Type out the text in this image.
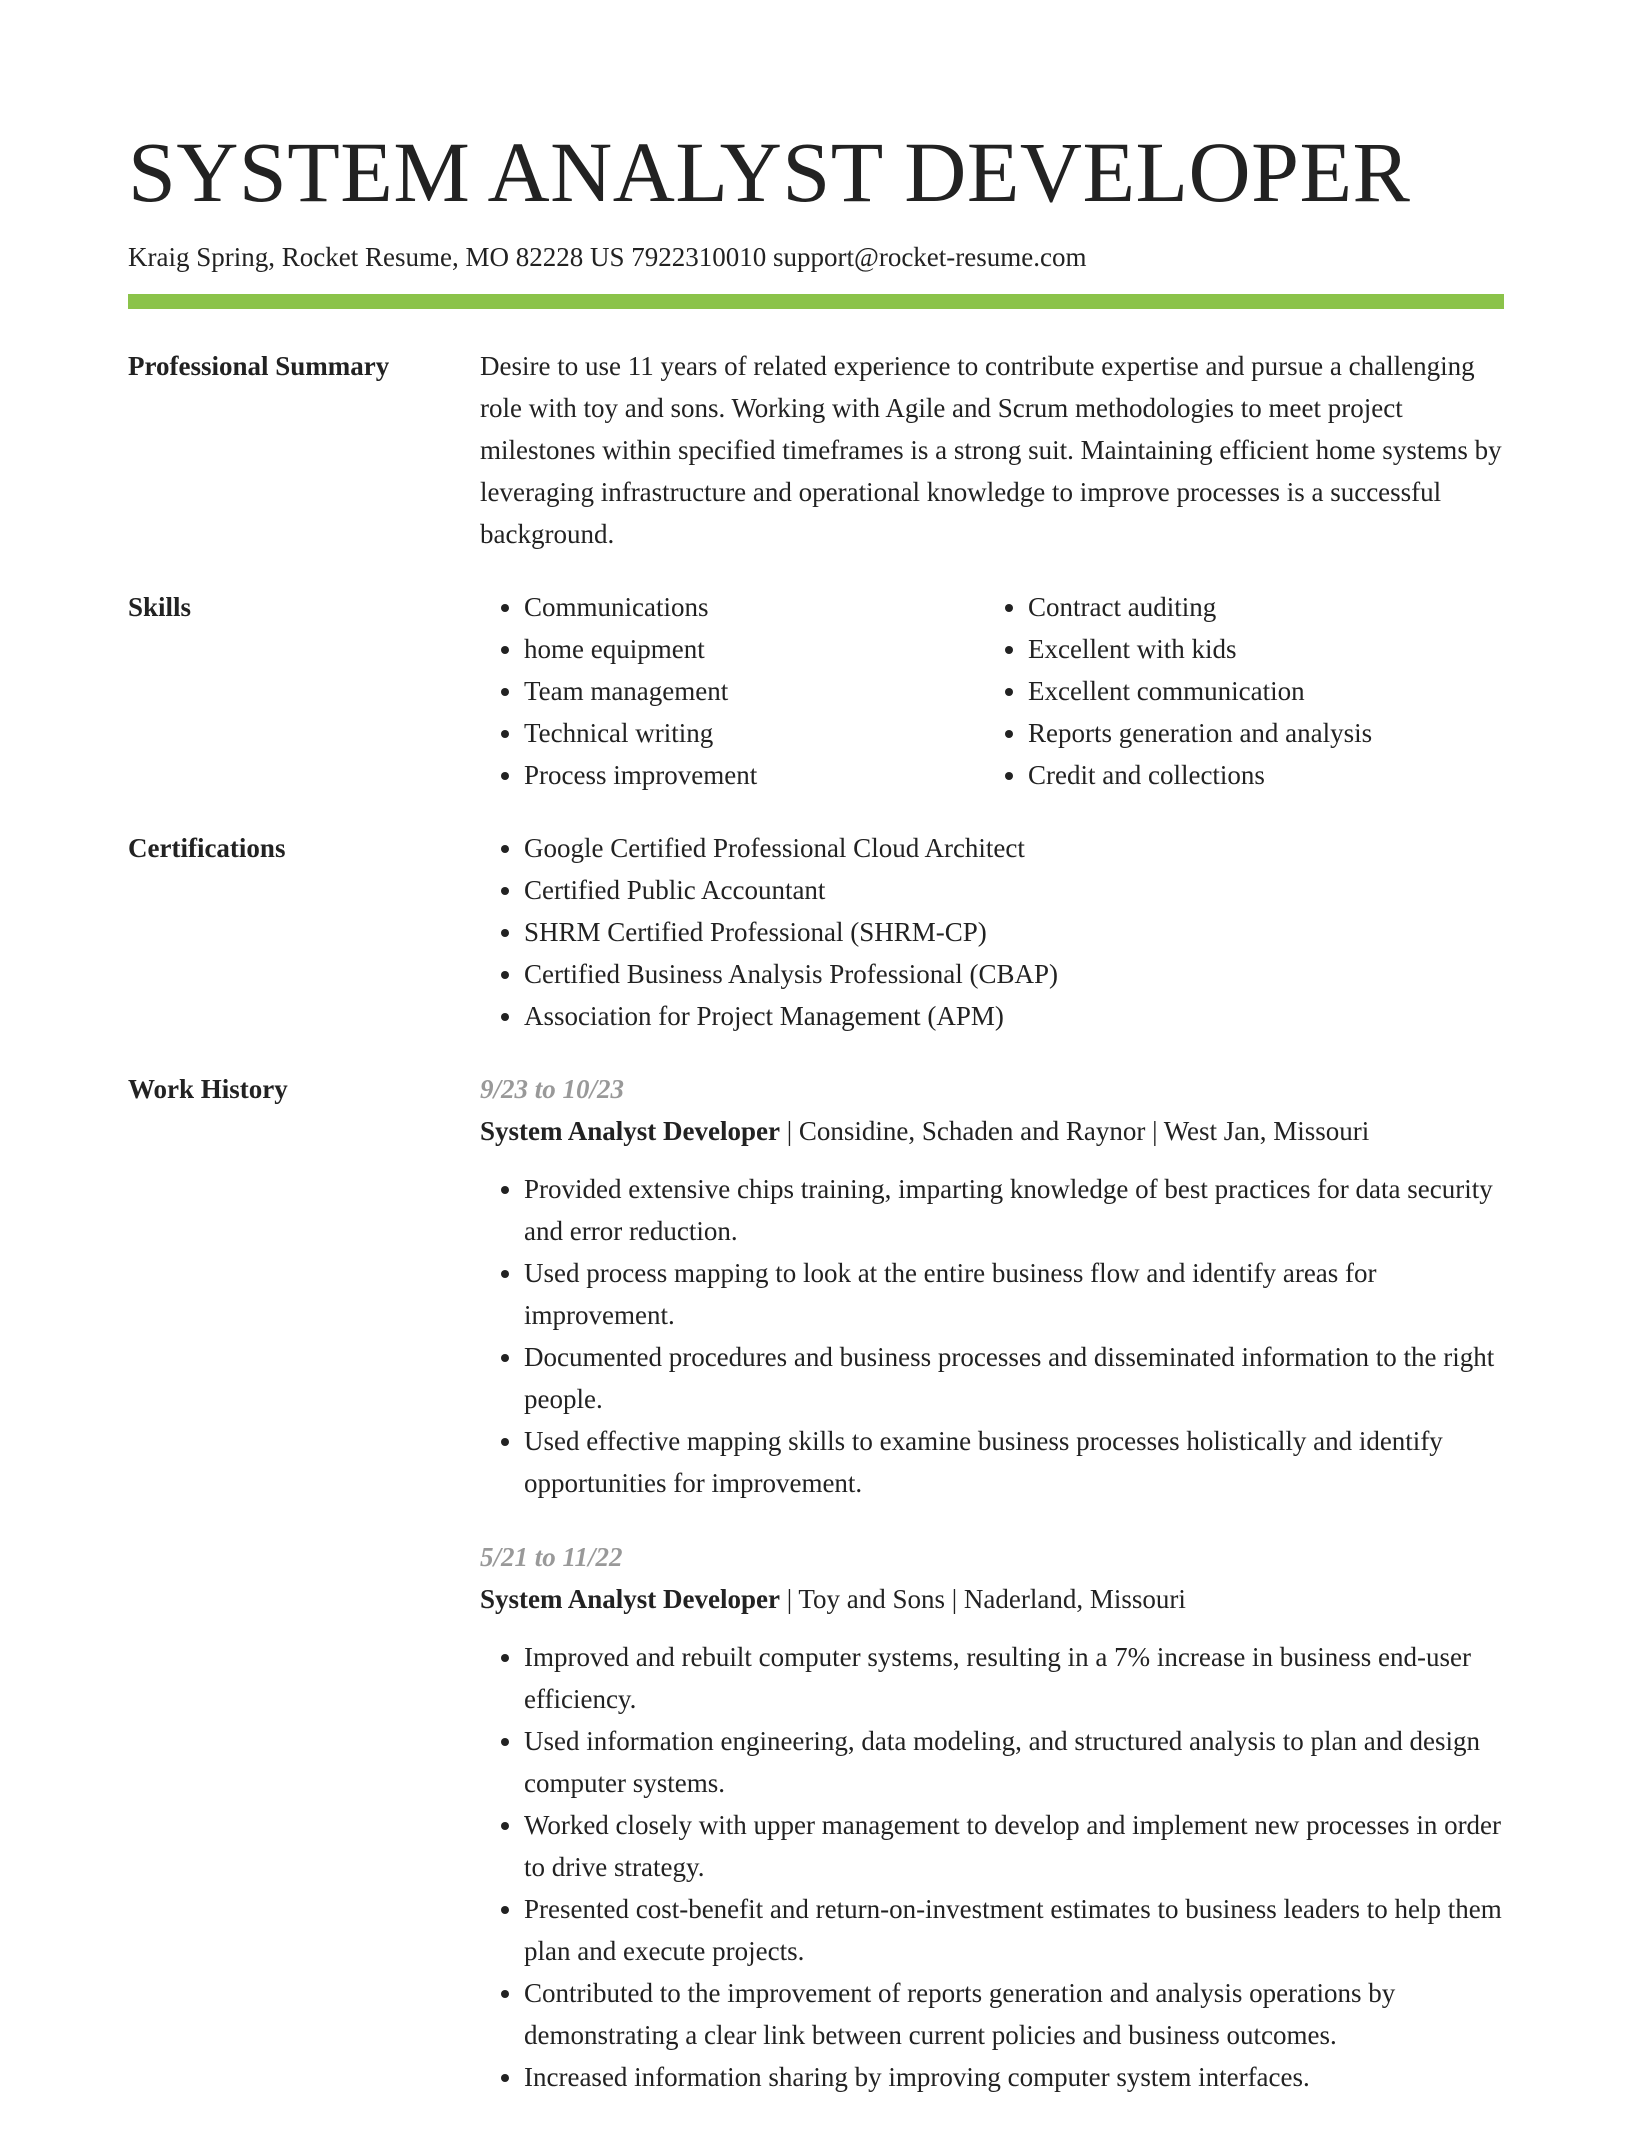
SYSTEM ANALYST DEVELOPER
Kraig Spring, Rocket Resume, MO 82228 US 7922310010 support@rocket-resume.com
Professional Summary	Desire to use 11 years of related experience to contribute expertise and pursue a challenging role with toy and sons. Working with Agile and Scrum methodologies to meet project milestones within specified timeframes is a strong suit. Maintaining efficient home systems by leveraging infrastructure and operational knowledge to improve processes is a successful background.

Skills	• Communications
• home equipment
• Team management
• Technical writing
• Process improvement
• Contract auditing
• Excellent with kids
• Excellent communication
• Reports generation and analysis
• Credit and collections
Certifications	• Google Certified Professional Cloud Architect
• Certified Public Accountant
• SHRM Certified Professional (SHRM-CP)
• Certified Business Analysis Professional (CBAP)
• Association for Project Management (APM)
Work History	9/23 to 10/23
System Analyst Developer | Considine, Schaden and Raynor | West Jan, Missouri
• Provided extensive chips training, imparting knowledge of best practices for data security and error reduction.
• Used process mapping to look at the entire business flow and identify areas for improvement.
• Documented procedures and business processes and disseminated information to the right people.
• Used effective mapping skills to examine business processes holistically and identify opportunities for improvement.
5/21 to 11/22
System Analyst Developer | Toy and Sons | Naderland, Missouri
• Improved and rebuilt computer systems, resulting in a 7% increase in business end-user efficiency.
• Used information engineering, data modeling, and structured analysis to plan and design computer systems.
• Worked closely with upper management to develop and implement new processes in order to drive strategy.
• Presented cost-benefit and return-on-investment estimates to business leaders to help them plan and execute projects.
• Contributed to the improvement of reports generation and analysis operations by demonstrating a clear link between current policies and business outcomes.
• Increased information sharing by improving computer system interfaces.
